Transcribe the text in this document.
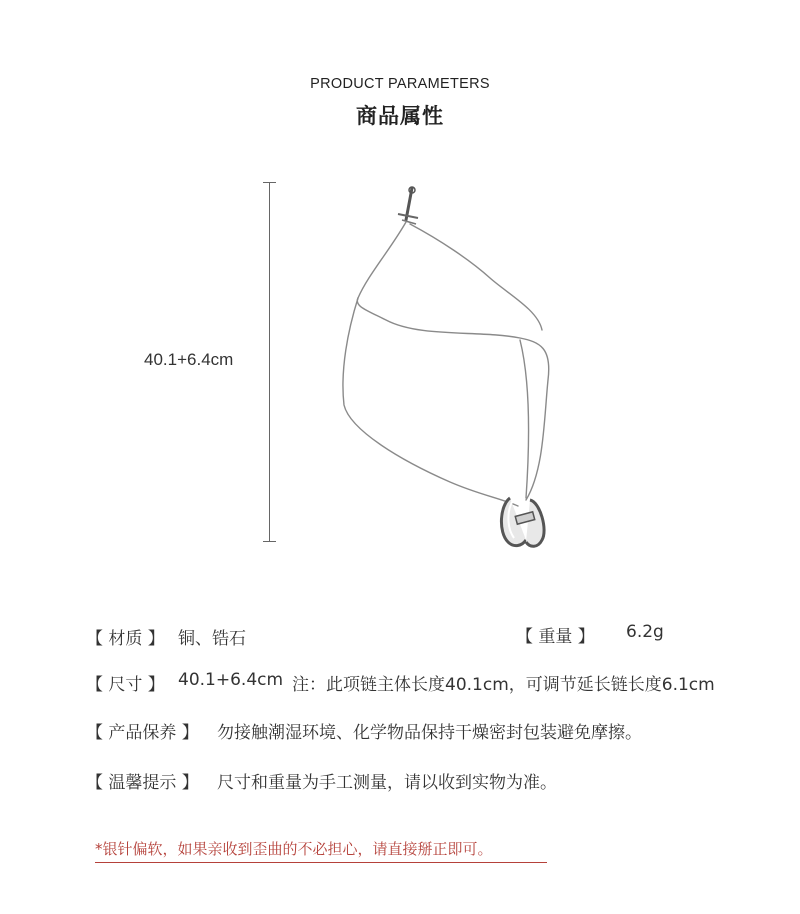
PRODUCT PARAMETERS
商品属性
40.1+6.4cm
【 材质 】 铜、锆石	【 重量 】 6.2g
【 尺寸 】 40.1+6.4cm 注：此项链主体长度40.1cm，可调节延长链长度6.1cm
【 产品保养 】 勿接触潮湿环境、化学物品保持干燥密封包装避免摩擦。
【 温馨提示 】 尺寸和重量为手工测量，请以收到实物为准。
*银针偏软，如果亲收到歪曲的不必担心，请直接掰正即可。
